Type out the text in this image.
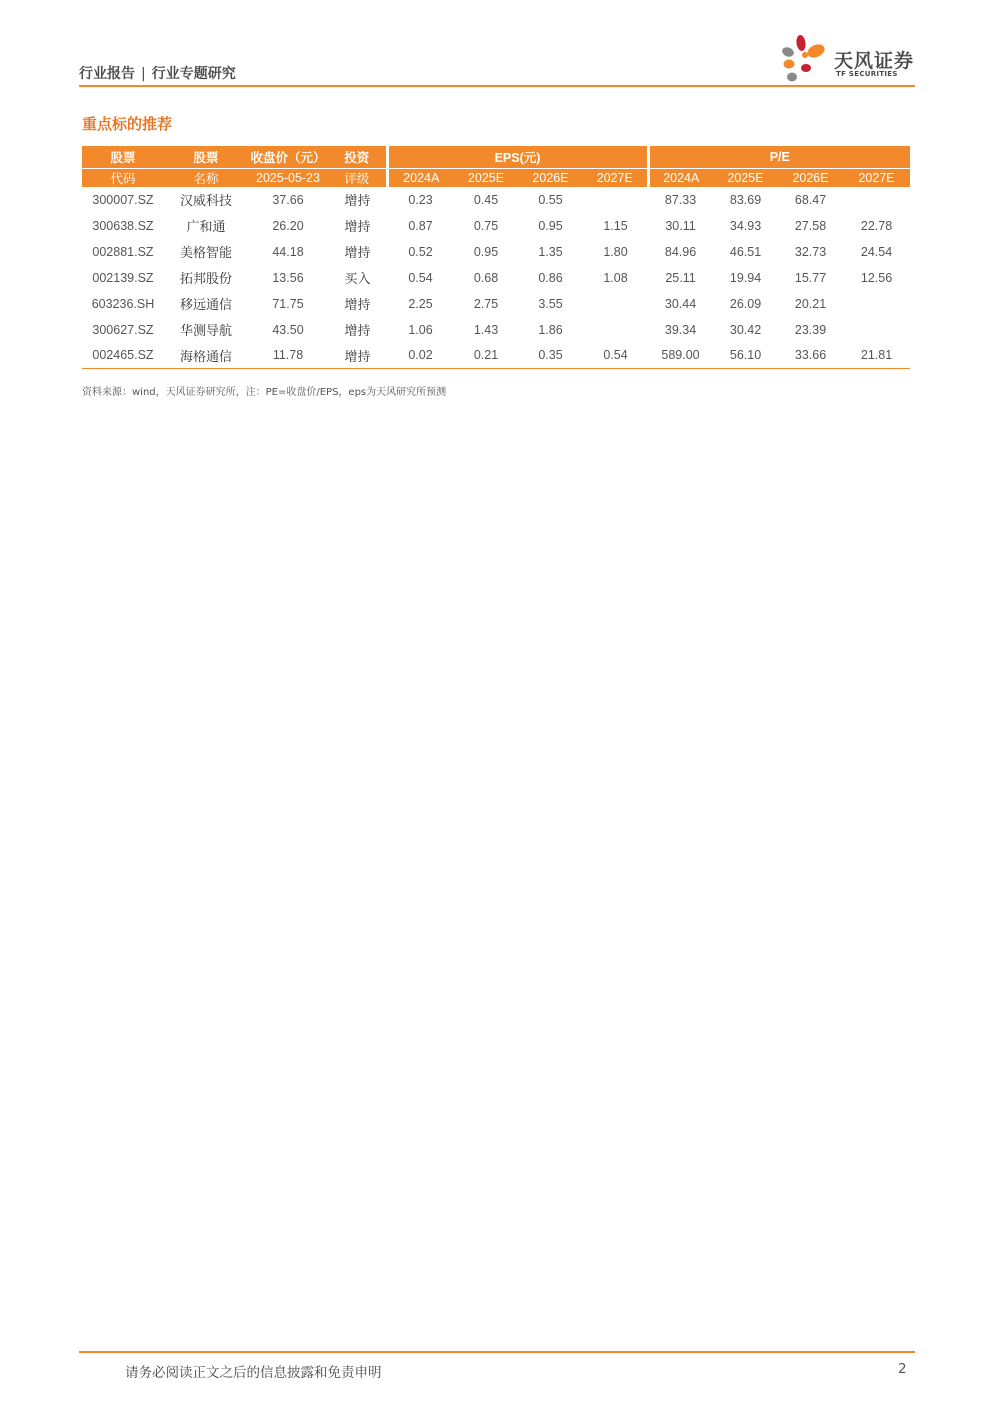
行业报告 | 行业专题研究
天风证券
TF SECURITIES
重点标的推荐
股票	股票	收盘价（元）	投资	EPS(元)				P/E			
代码	名称	2025-05-23	评级	2024A	2025E	2026E	2027E	2024A	2025E	2026E	2027E
300007.SZ	汉威科技	37.66	增持	0.23	0.45	0.55		87.33	83.69	68.47	
300638.SZ	广和通	26.20	增持	0.87	0.75	0.95	1.15	30.11	34.93	27.58	22.78
002881.SZ	美格智能	44.18	增持	0.52	0.95	1.35	1.80	84.96	46.51	32.73	24.54
002139.SZ	拓邦股份	13.56	买入	0.54	0.68	0.86	1.08	25.11	19.94	15.77	12.56
603236.SH	移远通信	71.75	增持	2.25	2.75	3.55		30.44	26.09	20.21	
300627.SZ	华测导航	43.50	增持	1.06	1.43	1.86		39.34	30.42	23.39	
002465.SZ	海格通信	11.78	增持	0.02	0.21	0.35	0.54	589.00	56.10	33.66	21.81
资料来源：wind，天风证券研究所，注：PE=收盘价/EPS，eps为天风研究所预测
请务必阅读正文之后的信息披露和免责申明	2
